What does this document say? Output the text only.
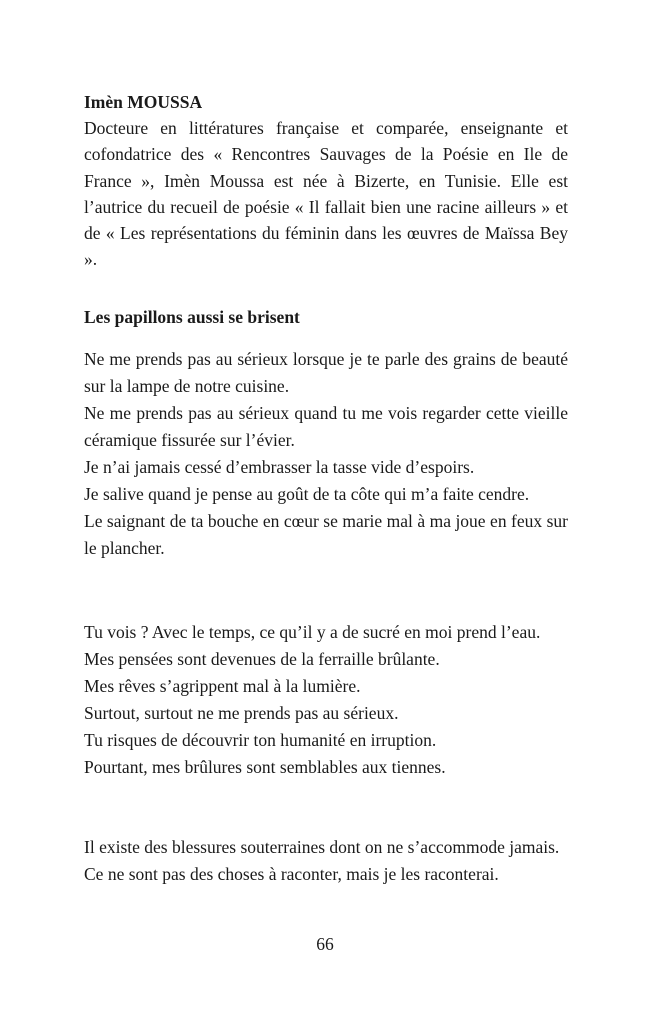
Imèn MOUSSA

Docteure en littératures française et comparée, enseignante et cofondatrice des « Rencontres Sauvages de la Poésie en Ile de France », Imèn Moussa est née à Bizerte, en Tunisie. Elle est l’autrice du recueil de poésie « Il fallait bien une racine ailleurs » et de « Les représentations du féminin dans les œuvres de Maïssa Bey ».

Les papillons aussi se brisent

Ne me prends pas au sérieux lorsque je te parle des grains de beauté sur la lampe de notre cuisine.
Ne me prends pas au sérieux quand tu me vois regarder cette vieille céramique fissurée sur l’évier.
Je n’ai jamais cessé d’embrasser la tasse vide d’espoirs.
Je salive quand je pense au goût de ta côte qui m’a faite cendre.
Le saignant de ta bouche en cœur se marie mal à ma joue en feux sur le plancher.
Tu vois ? Avec le temps, ce qu’il y a de sucré en moi prend l’eau.
Mes pensées sont devenues de la ferraille brûlante.
Mes rêves s’agrippent mal à la lumière.
Surtout, surtout ne me prends pas au sérieux.
Tu risques de découvrir ton humanité en irruption.
Pourtant, mes brûlures sont semblables aux tiennes.
Il existe des blessures souterraines dont on ne s’accommode jamais.
Ce ne sont pas des choses à raconter, mais je les raconterai.
66
